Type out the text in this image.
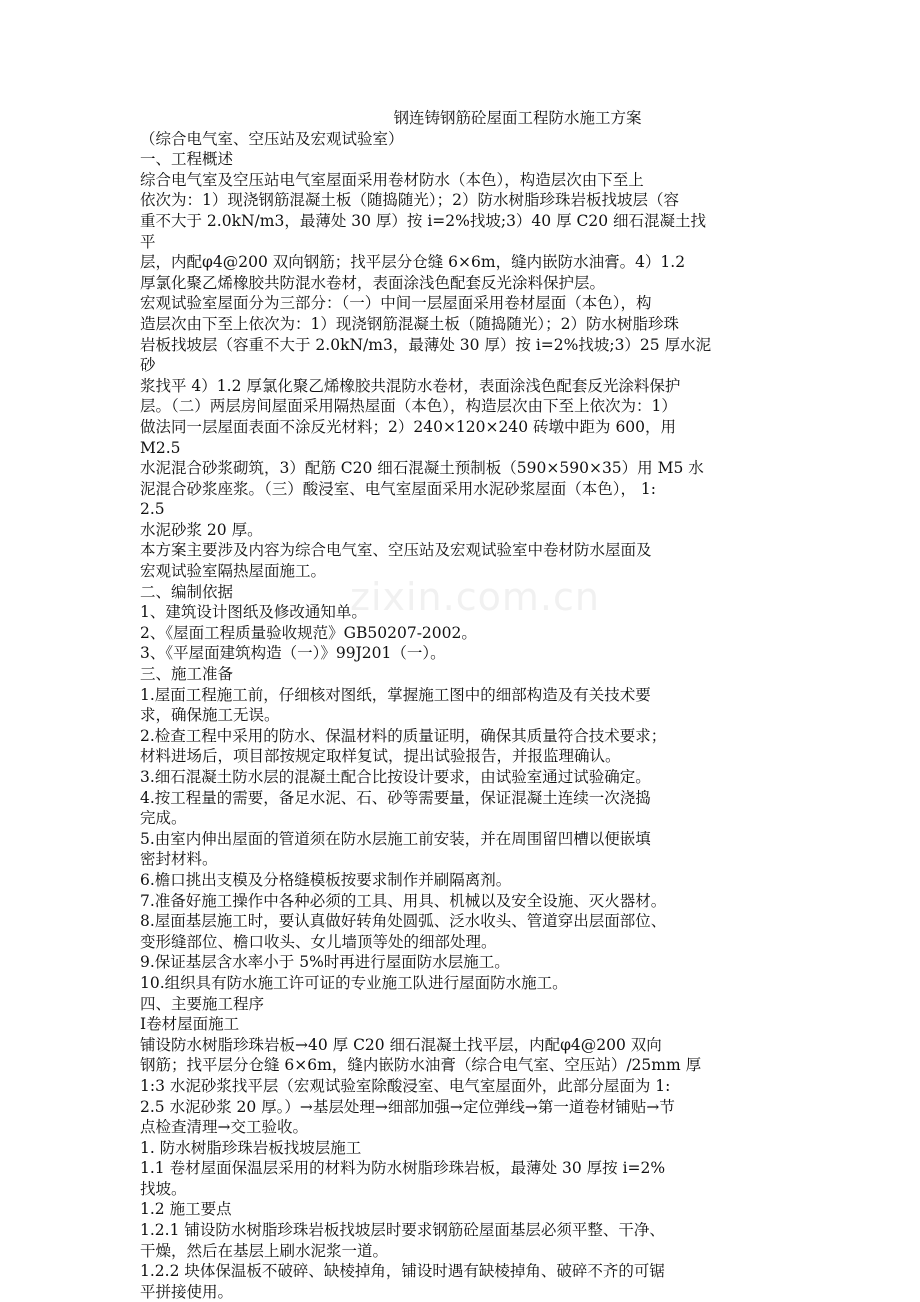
zixin.com.cn
钢连铸钢筋砼屋面工程防水施工方案
（综合电气室、空压站及宏观试验室）
一、工程概述
综合电气室及空压站电气室屋面采用卷材防水（本色），构造层次由下至上
依次为：1）现浇钢筋混凝土板（随捣随光）；2）防水树脂珍珠岩板找坡层（容
重不大于 2.0kN/m3，最薄处 30 厚）按 i=2%找坡;3）40 厚 C20 细石混凝土找
平
层，内配φ4@200 双向钢筋；找平层分仓缝 6×6m，缝内嵌防水油膏。4）1.2
厚氯化聚乙烯橡胶共防混水卷材，表面涂浅色配套反光涂料保护层。
宏观试验室屋面分为三部分：（一）中间一层屋面采用卷材屋面（本色），构
造层次由下至上依次为：1）现浇钢筋混凝土板（随捣随光）；2）防水树脂珍珠
岩板找坡层（容重不大于 2.0kN/m3，最薄处 30 厚）按 i=2%找坡;3）25 厚水泥
砂
浆找平 4）1.2 厚氯化聚乙烯橡胶共混防水卷材，表面涂浅色配套反光涂料保护
层。（二）两层房间屋面采用隔热屋面（本色），构造层次由下至上依次为：1）
做法同一层屋面表面不涂反光材料；2）240×120×240 砖墩中距为 600，用
M2.5
水泥混合砂浆砌筑，3）配筋 C20 细石混凝土预制板（590×590×35）用 M5 水
泥混合砂浆座浆。（三）酸浸室、电气室屋面采用水泥砂浆屋面（本色）， 1:
2.5
水泥砂浆 20 厚。
本方案主要涉及内容为综合电气室、空压站及宏观试验室中卷材防水屋面及
宏观试验室隔热屋面施工。
二、编制依据
1、建筑设计图纸及修改通知单。
2、《屋面工程质量验收规范》GB50207-2002。
3、《平屋面建筑构造（一）》99J201（一）。
三、施工准备
1.屋面工程施工前，仔细核对图纸，掌握施工图中的细部构造及有关技术要
求，确保施工无误。
2.检查工程中采用的防水、保温材料的质量证明，确保其质量符合技术要求；
材料进场后，项目部按规定取样复试，提出试验报告，并报监理确认。
3.细石混凝土防水层的混凝土配合比按设计要求，由试验室通过试验确定。
4.按工程量的需要，备足水泥、石、砂等需要量，保证混凝土连续一次浇捣
完成。
5.由室内伸出屋面的管道须在防水层施工前安装，并在周围留凹槽以便嵌填
密封材料。
6.檐口挑出支模及分格缝模板按要求制作并刷隔离剂。
7.准备好施工操作中各种必须的工具、用具、机械以及安全设施、灭火器材。
8.屋面基层施工时，要认真做好转角处圆弧、泛水收头、管道穿出层面部位、
变形缝部位、檐口收头、女儿墙顶等处的细部处理。
9.保证基层含水率小于 5%时再进行屋面防水层施工。
10.组织具有防水施工许可证的专业施工队进行屋面防水施工。
四、主要施工程序
Ⅰ卷材屋面施工
铺设防水树脂珍珠岩板→40 厚 C20 细石混凝土找平层，内配φ4@200 双向
钢筋；找平层分仓缝 6×6m，缝内嵌防水油膏（综合电气室、空压站）/25mm 厚
1:3 水泥砂浆找平层（宏观试验室除酸浸室、电气室屋面外，此部分屋面为 1:
2.5 水泥砂浆 20 厚。）→基层处理→细部加强→定位弹线→第一道卷材铺贴→节
点检查清理→交工验收。
1. 防水树脂珍珠岩板找坡层施工
1.1 卷材屋面保温层采用的材料为防水树脂珍珠岩板，最薄处 30 厚按 i=2%
找坡。
1.2 施工要点
1.2.1 铺设防水树脂珍珠岩板找坡层时要求钢筋砼屋面基层必须平整、干净、
干燥，然后在基层上刷水泥浆一道。
1.2.2 块体保温板不破碎、缺棱掉角，铺设时遇有缺棱掉角、破碎不齐的可锯
平拼接使用。
